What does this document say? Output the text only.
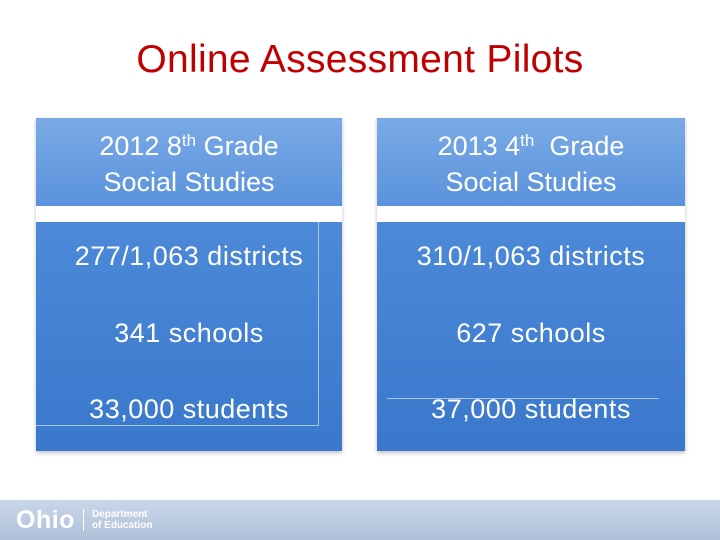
Online Assessment Pilots
2012 8th Grade
Social Studies
277/1,063 districts
341 schools
33,000 students
2013 4th  Grade
Social Studies
310/1,063 districts
627 schools
37,000 students
Ohio Department
of Education
